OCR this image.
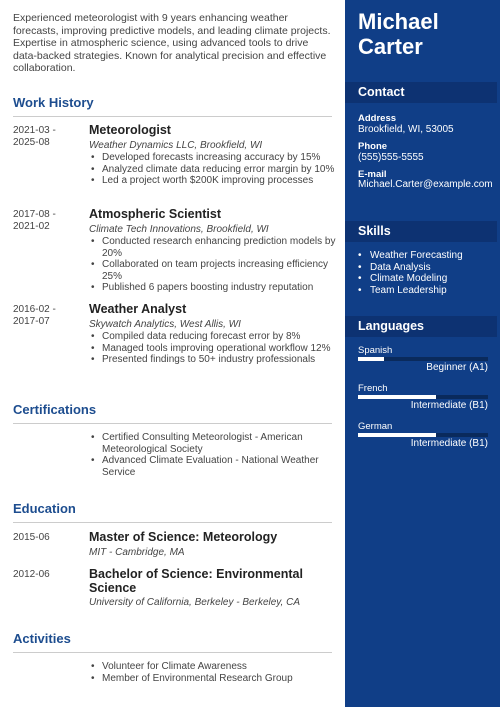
Experienced meteorologist with 9 years enhancing weather forecasts, improving predictive models, and leading climate projects. Expertise in atmospheric science, using advanced tools to drive data-backed strategies. Known for analytical precision and effective collaboration.

Work History
2021-03 -
2025-08
Meteorologist
Weather Dynamics LLC, Brookfield, WI
• Developed forecasts increasing accuracy by 15%
• Analyzed climate data reducing error margin by 10%
• Led a project worth $200K improving processes
2017-08 -
2021-02
Atmospheric Scientist
Climate Tech Innovations, Brookfield, WI
• Conducted research enhancing prediction models by 20%
• Collaborated on team projects increasing efficiency 25%
• Published 6 papers boosting industry reputation
2016-02 -
2017-07
Weather Analyst
Skywatch Analytics, West Allis, WI
• Compiled data reducing forecast error by 8%
• Managed tools improving operational workflow 12%
• Presented findings to 50+ industry professionals
Certifications
• Certified Consulting Meteorologist - American Meteorological Society
• Advanced Climate Evaluation - National Weather Service
Education
2015-06	Master of Science: Meteorology
MIT - Cambridge, MA
2012-06	Bachelor of Science: Environmental Science
University of California, Berkeley - Berkeley, CA
Activities
• Volunteer for Climate Awareness
• Member of Environmental Research Group
Michael
Carter
Contact
Address
Brookfield, WI, 53005
Phone
(555)555-5555
E-mail
Michael.Carter@example.com
Skills
• Weather Forecasting
• Data Analysis
• Climate Modeling
• Team Leadership
Languages
Spanish
Beginner (A1)
French
Intermediate (B1)
German
Intermediate (B1)
